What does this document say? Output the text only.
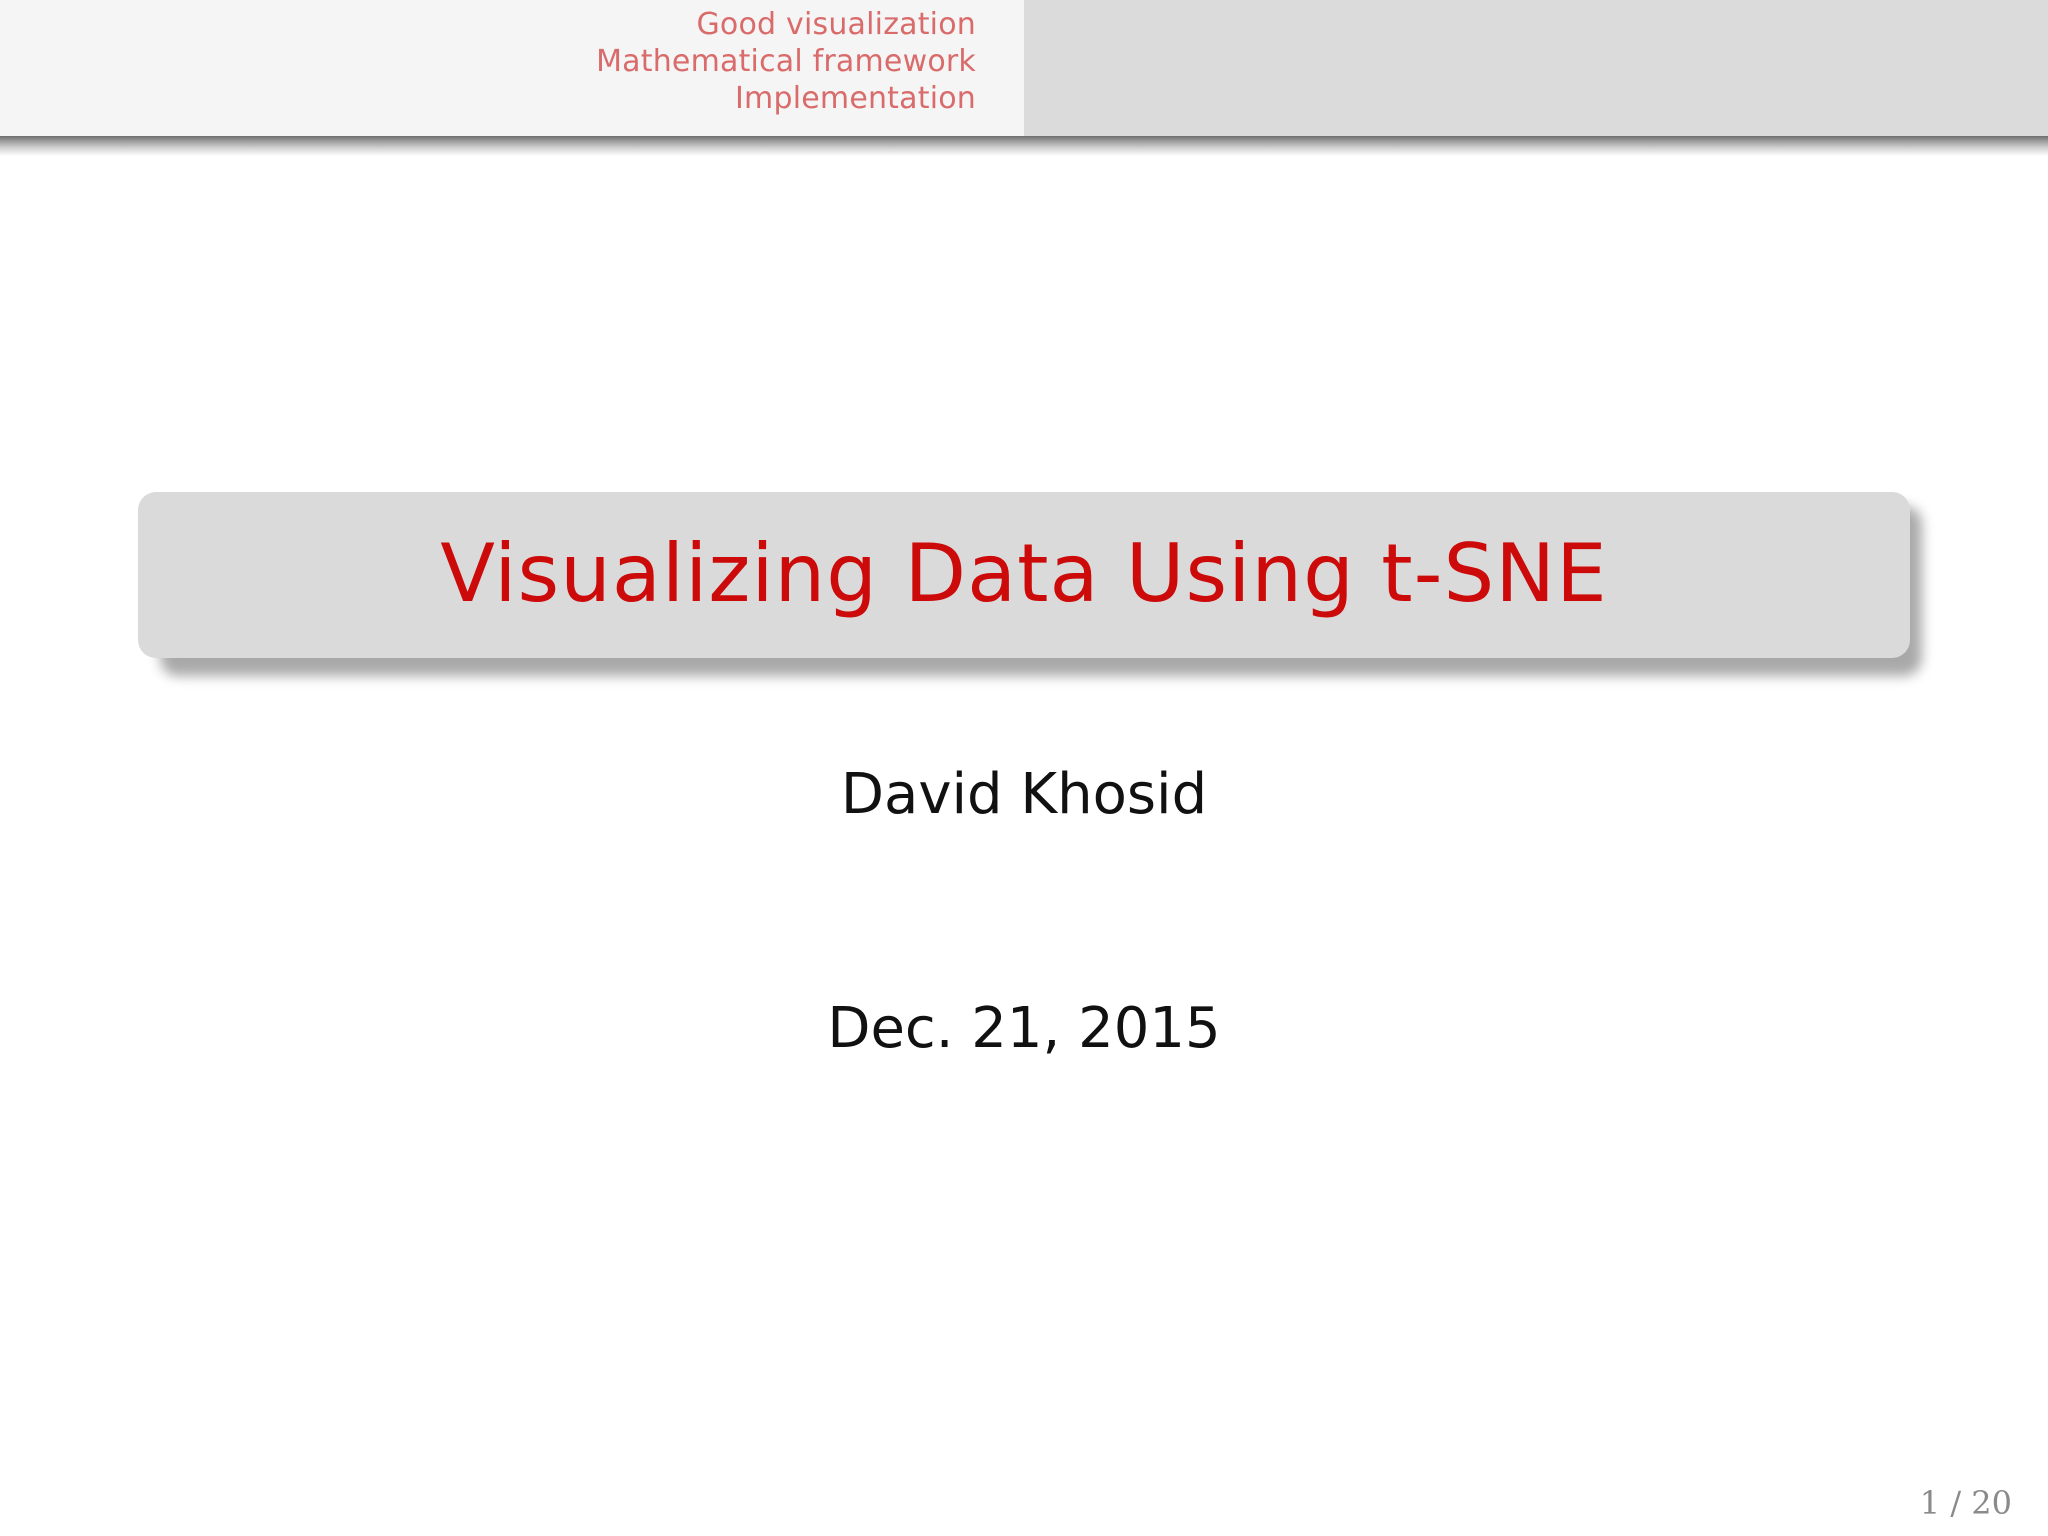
Good visualization
Mathematical framework
Implementation
Visualizing Data Using t-SNE
David Khosid
Dec. 21, 2015
1 / 20
